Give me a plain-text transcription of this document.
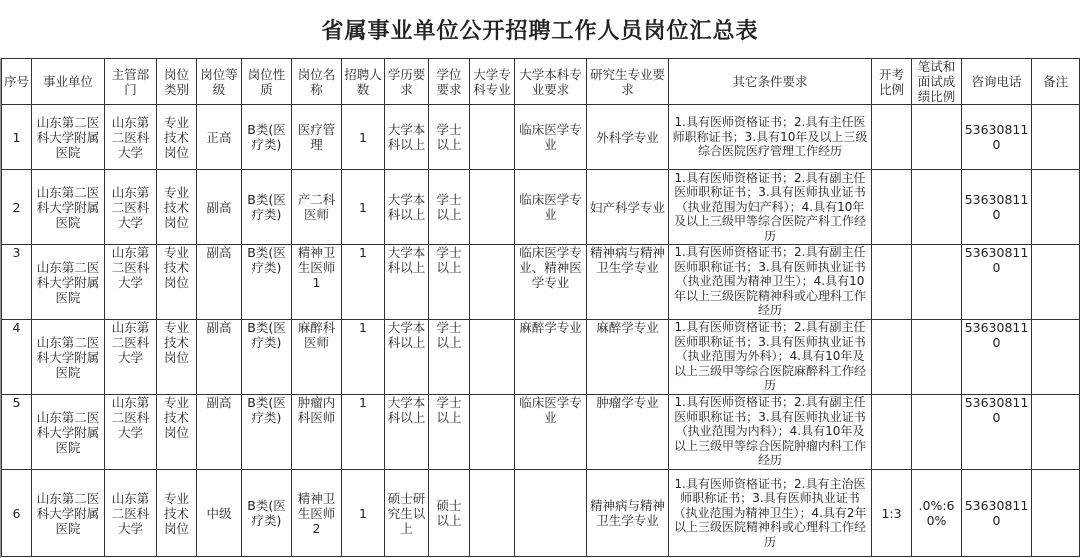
省属事业单位公开招聘工作人员岗位汇总表
序号	事业单位	主管部门	岗位类别	岗位等级	岗位性质	岗位名称	招聘人数	学历要求	学位要求	大学专科专业	大学本科专业要求	研究生专业要求	其它条件要求	开考比例	笔试和面试成绩比例	咨询电话	备注
1	山东第二医科大学附属医院	山东第二医科大学	专业技术岗位	正高	B类(医疗类)	医疗管理	1	大学本科以上	学士以上		临床医学专业	外科学专业	1.具有医师资格证书；2.具有主任医师职称证书；3.具有10年及以上三级综合医院医疗管理工作经历			536308110	
2	山东第二医科大学附属医院	山东第二医科大学	专业技术岗位	副高	B类(医疗类)	产二科医师	1	大学本科以上	学士以上		临床医学专业	妇产科学专业	1.具有医师资格证书；2.具有副主任医师职称证书；3.具有医师执业证书（执业范围为妇产科）；4.具有10年及以上三级甲等综合医院产科工作经历			536308110	
3	山东第二医科大学附属医院	山东第二医科大学	专业技术岗位	副高	B类(医疗类)	精神卫生医师1	1	大学本科以上	学士以上		临床医学专业、精神医学专业	精神病与精神卫生学专业	1.具有医师资格证书；2.具有副主任医师职称证书；3.具有医师执业证书（执业范围为精神卫生）；4.具有10年以上三级医院精神科或心理科工作经历			536308110	
4	山东第二医科大学附属医院	山东第二医科大学	专业技术岗位	副高	B类(医疗类)	麻醉科医师	1	大学本科以上	学士以上		麻醉学专业	麻醉学专业	1.具有医师资格证书；2.具有副主任医师职称证书；3.具有医师执业证书（执业范围为外科）；4.具有10年及以上三级甲等综合医院麻醉科工作经历			536308110	
5	山东第二医科大学附属医院	山东第二医科大学	专业技术岗位	副高	B类(医疗类)	肿瘤内科医师	1	大学本科以上	学士以上		临床医学专业	肿瘤学专业	1.具有医师资格证书；2.具有副主任医师职称证书；3.具有医师执业证书（执业范围为内科）；4.具有10年及以上三级甲等综合医院肿瘤内科工作经历			536308110	
6	山东第二医科大学附属医院	山东第二医科大学	专业技术岗位	中级	B类(医疗类)	精神卫生医师2	1	硕士研究生以上	硕士以上			精神病与精神卫生学专业	1.具有医师资格证书；2.具有主治医师职称证书；3.具有医师执业证书（执业范围为精神卫生）；4.具有2年以上三级医院精神科或心理科工作经历	1:3	.0%:60%	536308110	
